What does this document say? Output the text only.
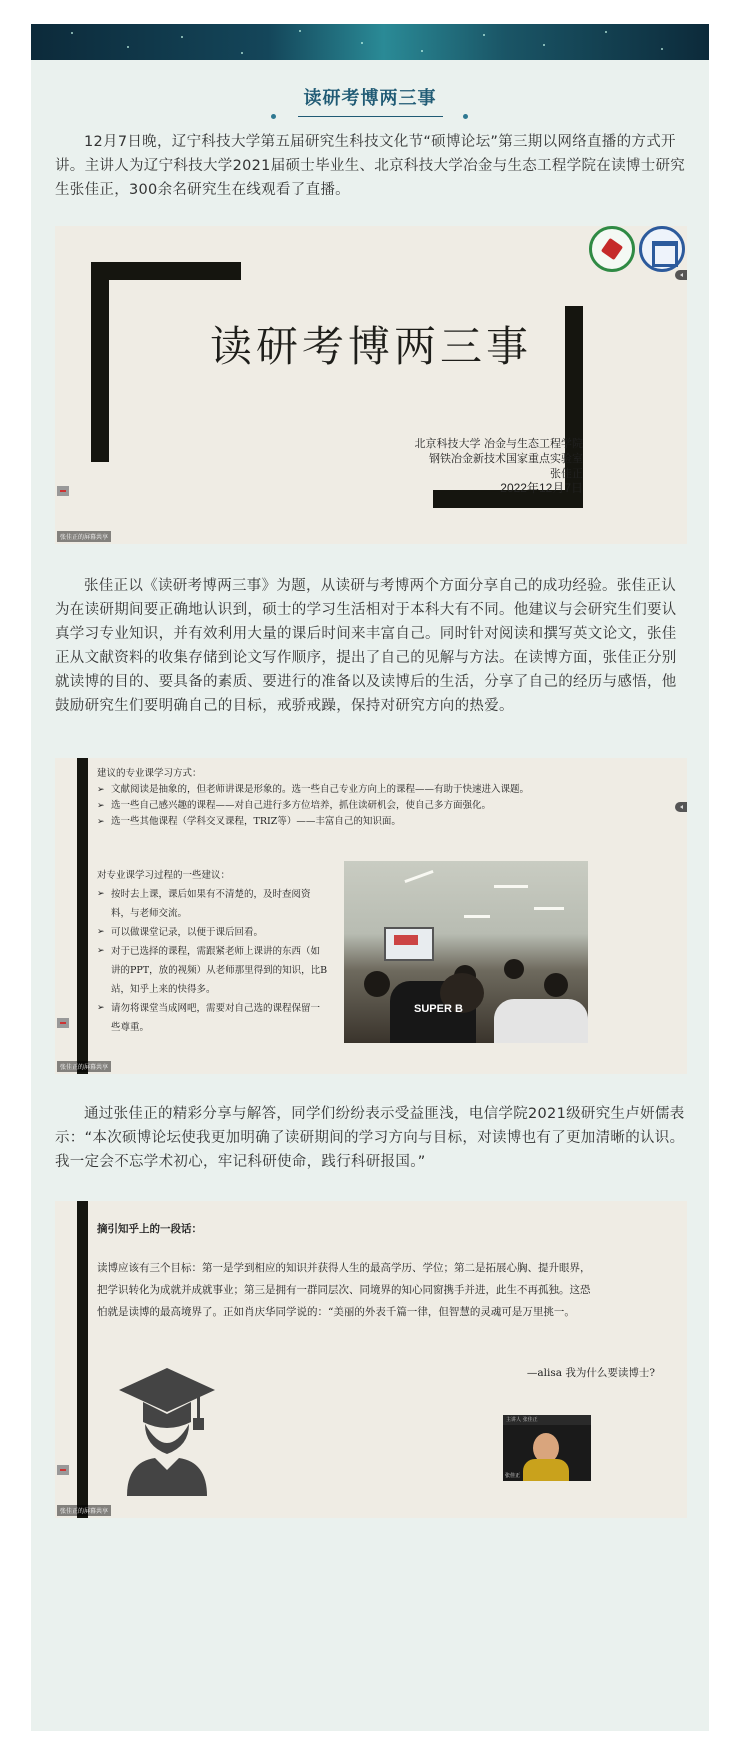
读研考博两三事

12月7日晚，辽宁科技大学第五届研究生科技文化节“硕博论坛”第三期以网络直播的方式开讲。主讲人为辽宁科技大学2021届硕士毕业生、北京科技大学冶金与生态工程学院在读博士研究生张佳正，300余名研究生在线观看了直播。

读研考博两三事
北京科技大学 冶金与生态工程学院
钢铁冶金新技术国家重点实验室
张佳正
2022年12月7日
张佳正的屏幕共享

张佳正以《读研考博两三事》为题，从读研与考博两个方面分享自己的成功经验。张佳正认为在读研期间要正确地认识到，硕士的学习生活相对于本科大有不同。他建议与会研究生们要认真学习专业知识，并有效利用大量的课后时间来丰富自己。同时针对阅读和撰写英文论文，张佳正从文献资料的收集存储到论文写作顺序，提出了自己的见解与方法。在读博方面，张佳正分别就读博的目的、要具备的素质、要进行的准备以及读博后的生活，分享了自己的经历与感悟，他鼓励研究生们要明确自己的目标，戒骄戒躁，保持对研究方向的热爱。

建议的专业课学习方式：
➢ 文献阅读是抽象的，但老师讲课是形象的。选一些自己专业方向上的课程——有助于快速进入课题。
➢ 选一些自己感兴趣的课程——对自己进行多方位培养，抓住读研机会，使自己多方面强化。
➢ 选一些其他课程（学科交叉课程，TRIZ等）——丰富自己的知识面。
对专业课学习过程的一些建议：
➢ 按时去上课，课后如果有不清楚的，及时查阅资料，与老师交流。
➢ 可以做课堂记录，以便于课后回看。
➢ 对于已选择的课程，需跟紧老师上课讲的东西（如讲的PPT，放的视频）从老师那里得到的知识，比B站，知乎上来的快得多。
➢ 请勿将课堂当成网吧，需要对自己选的课程保留一些尊重。
SUPER B
张佳正的屏幕共享

通过张佳正的精彩分享与解答，同学们纷纷表示受益匪浅，电信学院2021级研究生卢妍儒表示：“本次硕博论坛使我更加明确了读研期间的学习方向与目标，对读博也有了更加清晰的认识。我一定会不忘学术初心，牢记科研使命，践行科研报国。”

摘引知乎上的一段话：
读博应该有三个目标：第一是学到相应的知识并获得人生的最高学历、学位；第二是拓展心胸、提升眼界，把学识转化为成就并成就事业；第三是拥有一群同层次、同境界的知心同窗携手并进，此生不再孤独。这恐怕就是读博的最高境界了。正如肖庆华同学说的：“美丽的外表千篇一律，但智慧的灵魂可是万里挑一。
—alisa 我为什么要读博士?
主讲人 张佳正
张佳正
张佳正的屏幕共享
